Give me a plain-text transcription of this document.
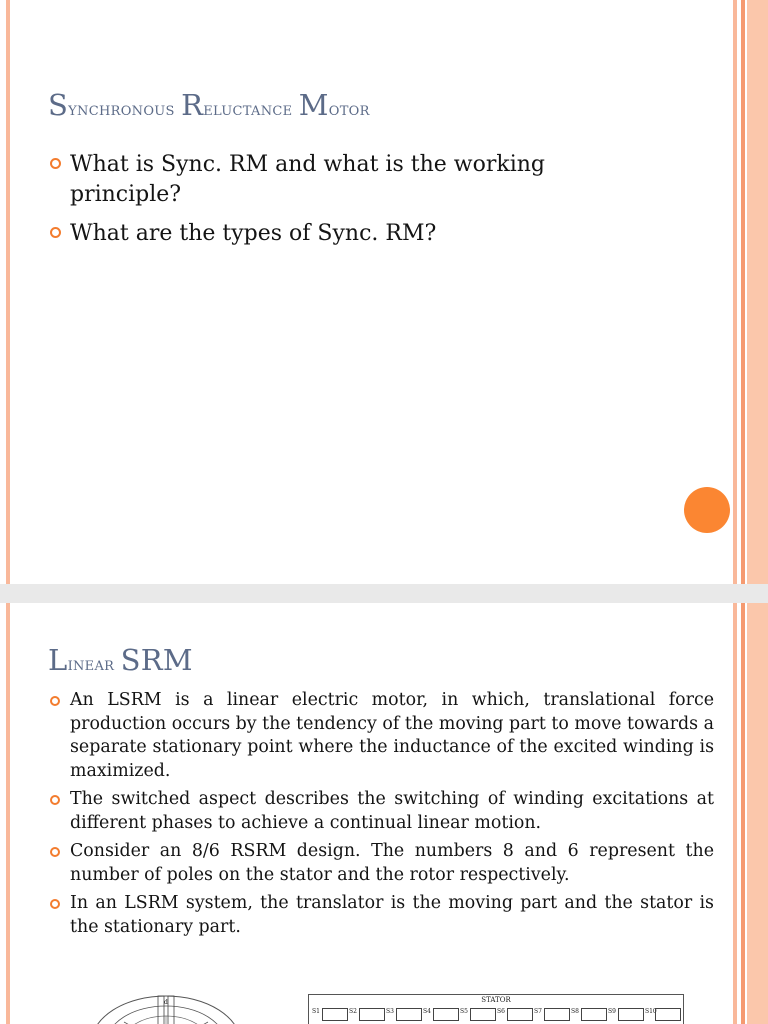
Synchronous Reluctance Motor
What is Sync. RM and what is the working principle?
What are the types of Sync. RM?
Linear SRM
An LSRM is a linear electric motor, in which, translational force production occurs by the tendency of the moving part to move towards a separate stationary point where the inductance of the excited winding is maximized.
The switched aspect describes the switching of winding excitations at different phases to achieve a continual linear motion.
Consider an 8/6 RSRM design. The numbers 8 and 6 represent the number of poles on the stator and the rotor respectively.
In an LSRM system, the translator is the moving part and the stator is the stationary part.
d	STATOR
S1	S2	S3	S4	S5	S6	S7	S8	S9	S10
